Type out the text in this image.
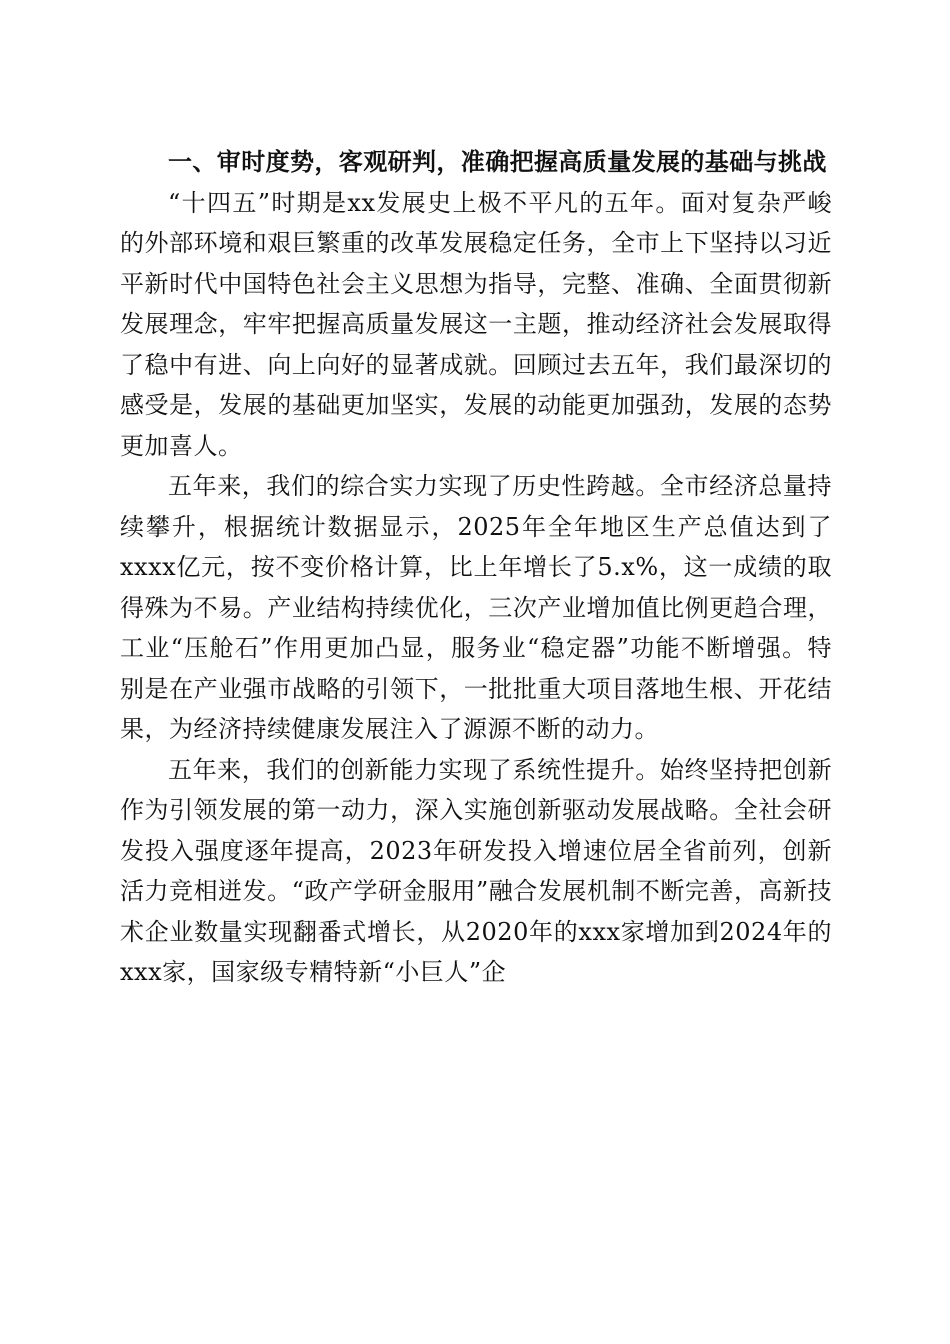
一、审时度势，客观研判，准确把握高质量发展的基础与挑战

“十四五”时期是xx发展史上极不平凡的五年。面对复杂严峻的外部环境和艰巨繁重的改革发展稳定任务，全市上下坚持以习近平新时代中国特色社会主义思想为指导，完整、准确、全面贯彻新发展理念，牢牢把握高质量发展这一主题，推动经济社会发展取得了稳中有进、向上向好的显著成就。回顾过去五年，我们最深切的感受是，发展的基础更加坚实，发展的动能更加强劲，发展的态势更加喜人。

五年来，我们的综合实力实现了历史性跨越。全市经济总量持续攀升，根据统计数据显示，2025年全年地区生产总值达到了xxxx亿元，按不变价格计算，比上年增长了5.x%，这一成绩的取得殊为不易。产业结构持续优化，三次产业增加值比例更趋合理，工业“压舱石”作用更加凸显，服务业“稳定器”功能不断增强。特别是在产业强市战略的引领下，一批批重大项目落地生根、开花结果，为经济持续健康发展注入了源源不断的动力。

五年来，我们的创新能力实现了系统性提升。始终坚持把创新作为引领发展的第一动力，深入实施创新驱动发展战略。全社会研发投入强度逐年提高，2023年研发投入增速位居全省前列，创新活力竞相迸发。“政产学研金服用”融合发展机制不断完善，高新技术企业数量实现翻番式增长，从2020年的xxx家增加到2024年的xxx家，国家级专精特新“小巨人”企
